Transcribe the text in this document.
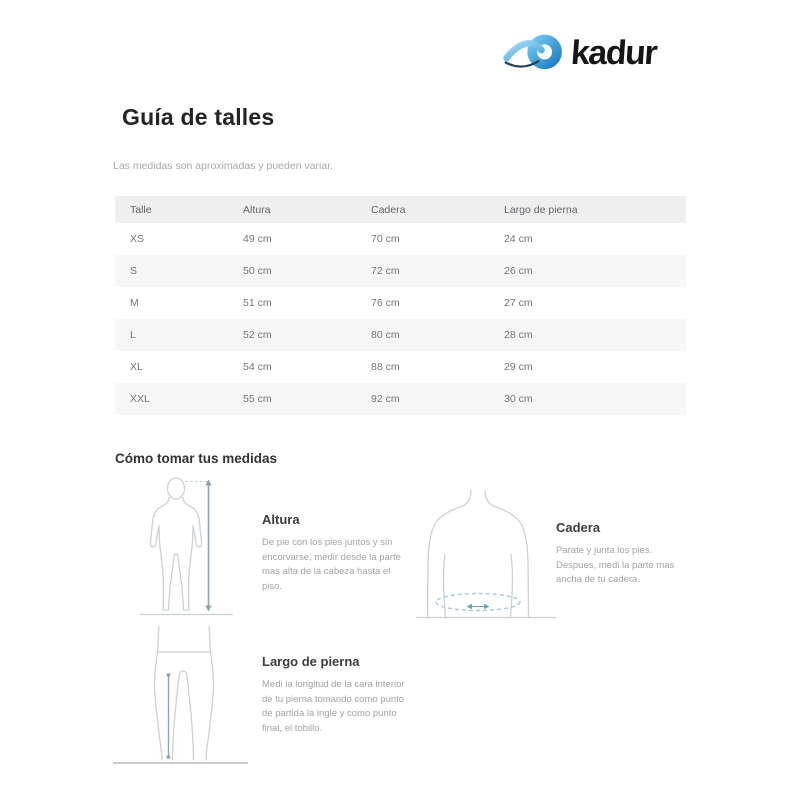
kadur
Guía de talles
Las medidas son aproximadas y pueden variar.
Talle	Altura	Cadera	Largo de pierna
XS	49 cm	70 cm	24 cm
S	50 cm	72 cm	26 cm
M	51 cm	76 cm	27 cm
L	52 cm	80 cm	28 cm
XL	54 cm	88 cm	29 cm
XXL	55 cm	92 cm	30 cm
Cómo tomar tus medidas
Altura
De pie con los pies juntos y sin encorvarse, medir desde la parte mas alta de la cabeza hasta el piso.
Cadera
Parate y junta los pies. Despues, medi la parte mas ancha de tu cadera.
Largo de pierna
Medi la longitud de la cara interior de tu pierna tomando como punto de partida la ingle y como punto final, el tobillo.
